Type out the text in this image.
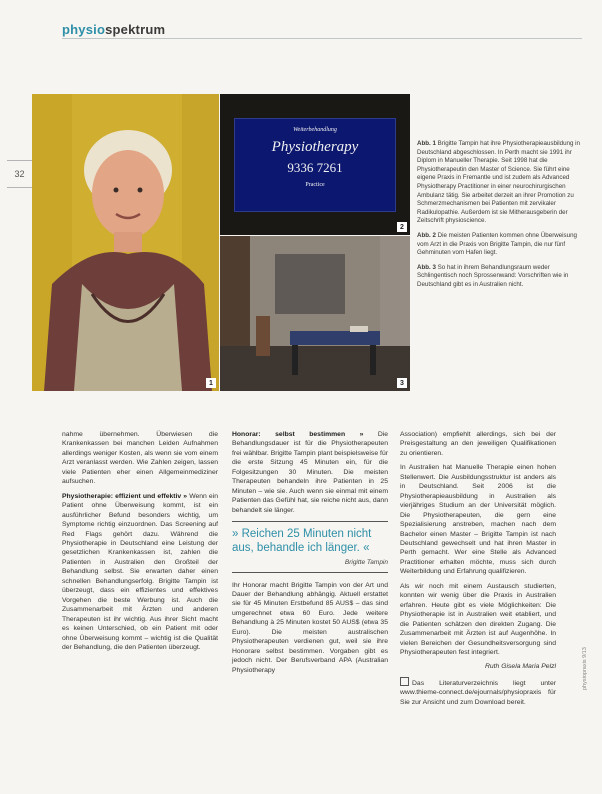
physiospektrum
32
1
Weiterbehandlung
Physiotherapy
9336 7261
Practice
2
3

Abb. 1 Brigitte Tampin hat ihre Physiotherapieausbildung in Deutschland abgeschlossen. In Perth macht sie 1991 ihr Diplom in Manueller Therapie. Seit 1998 hat die Physiotherapeutin den Master of Science. Sie führt eine eigene Praxis in Fremantle und ist zudem als Advanced Physiotherapy Practitioner in einer neurochirurgischen Ambulanz tätig. Sie arbeitet derzeit an ihrer Promotion zu Schmerzmechanismen bei Patienten mit zervikaler Radikulopathie. Außerdem ist sie Mitherausgeberin der Zeitschrift physioscience.

Abb. 2 Die meisten Patienten kommen ohne Überweisung vom Arzt in die Praxis von Brigitte Tampin, die nur fünf Gehminuten vom Hafen liegt.

Abb. 3 So hat in ihrem Behandlungsraum weder Schlingentisch noch Sprossenwand: Vorschriften wie in Deutschland gibt es in Australien nicht.

nahme übernehmen. Überwiesen die Krankenkassen bei manchen Leiden Aufnahmen allerdings weniger Kosten, als wenn sie vom einem Arzt veranlasst werden. Wie Zahlen zeigen, lassen viele Patienten eher einen Allgemeinmediziner aufsuchen.

Physiotherapie: effizient und effektiv » Wenn ein Patient ohne Überweisung kommt, ist ein ausführlicher Befund besonders wichtig, um Symptome richtig einzuordnen. Das Screening auf Red Flags gehört dazu. Während die Physiotherapie in Deutschland eine Leistung der gesetzlichen Krankenkassen ist, zahlen die Patienten in Australien den Großteil der Behandlung selbst. Sie erwarten daher einen schnellen Behandlungserfolg. Brigitte Tampin ist überzeugt, dass ein effizientes und effektives Vorgehen die beste Werbung ist. Auch die Zusammenarbeit mit Ärzten und anderen Therapeuten ist ihr wichtig. Aus ihrer Sicht macht es keinen Unterschied, ob ein Patient mit oder ohne Überweisung kommt – wichtig ist die Qualität der Behandlung, die den Patienten überzeugt.

Honorar: selbst bestimmen » Die Behandlungsdauer ist für die Physiotherapeuten frei wählbar. Brigitte Tampin plant beispielsweise für die erste Sitzung 45 Minuten ein, für die Folgesitzungen 30 Minuten. Die meisten Therapeuten behandeln ihre Patienten in 25 Minuten – wie sie. Auch wenn sie einmal mit einem Patienten das Gefühl hat, sie reiche nicht aus, dann behandelt sie länger.

» Reichen 25 Minuten nicht aus, behandle ich länger. «
Brigitte Tampin

Ihr Honorar macht Brigitte Tampin von der Art und Dauer der Behandlung abhängig. Aktuell erstattet sie für 45 Minuten Erstbefund 85 AUS$ – das sind umgerechnet etwa 60 Euro. Jede weitere Behandlung à 25 Minuten kostet 50 AUS$ (etwa 35 Euro). Die meisten australischen Physiotherapeuten verdienen gut, weil sie ihre Honorare selbst bestimmen. Vorgaben gibt es jedoch nicht. Der Berufsverband APA (Australian Physiotherapy

Association) empfiehlt allerdings, sich bei der Preisgestaltung an den jeweiligen Qualifikationen zu orientieren.

In Australien hat Manuelle Therapie einen hohen Stellenwert. Die Ausbildungsstruktur ist anders als in Deutschland. Seit 2006 ist die Physiotherapieausbildung in Australien als vierjähriges Studium an der Universität möglich. Die Physiotherapeuten, die gern eine Spezialisierung anstreben, machen nach dem Bachelor einen Master – Brigitte Tampin ist nach Deutschland gewechselt und hat ihren Master in Perth gemacht. Wer eine Stelle als Advanced Practitioner erhalten möchte, muss sich durch Weiterbildung und Erfahrung qualifizieren.

Als wir noch mit einem Austausch studierten, konnten wir wenig über die Praxis in Australien erfahren. Heute gibt es viele Möglichkeiten: Die Physiotherapie ist in Australien weit etabliert, und die Patienten schätzen den direkten Zugang. Die Zusammenarbeit mit Ärzten ist auf Augenhöhe. In vielen Bereichen der Gesundheitsversorgung sind Physiotherapeuten fest integriert.

Ruth Gisela Maria Pelzl

Das Literaturverzeichnis liegt unter www.thieme-connect.de/ejournals/physiopraxis für Sie zur Ansicht und zum Download bereit.

physiopraxis 9/13
